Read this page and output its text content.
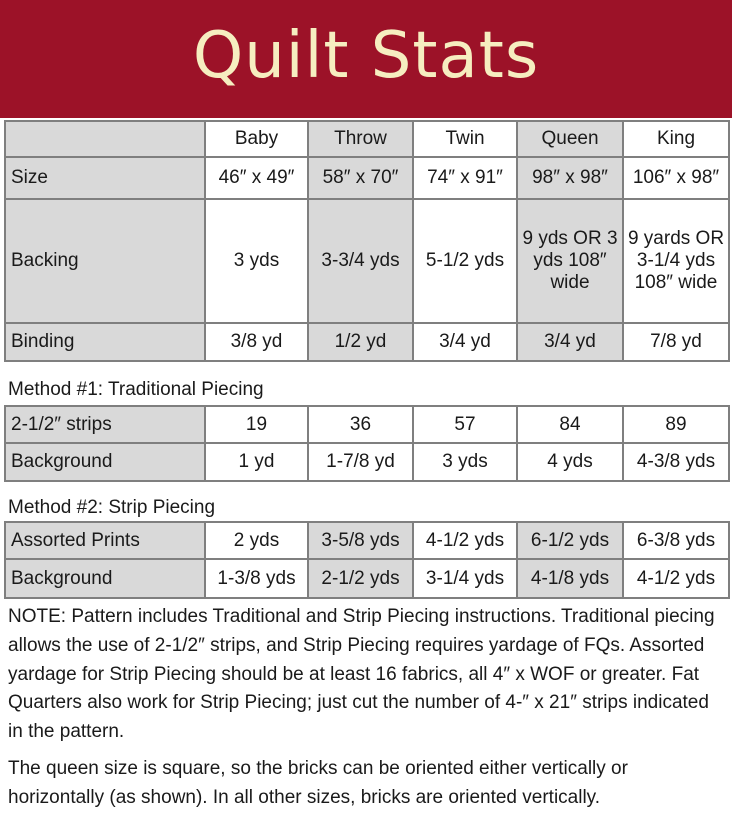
Quilt Stats
	Baby	Throw	Twin	Queen	King
Size	46″ x 49″	58″ x 70″	74″ x 91″	98″ x 98″	106″ x 98″
Backing	3 yds	3-3/4 yds	5-1/2 yds	9 yds OR 3 yds 108″ wide	9 yards OR 3-1/4 yds 108″ wide
Binding	3/8 yd	1/2 yd	3/4 yd	3/4 yd	7/8 yd
Method #1: Traditional Piecing
2-1/2″ strips	19	36	57	84	89
Background	1 yd	1-7/8 yd	3 yds	4 yds	4-3/8 yds
Method #2: Strip Piecing
Assorted Prints	2 yds	3-5/8 yds	4-1/2 yds	6-1/2 yds	6-3/8 yds
Background	1-3/8 yds	2-1/2 yds	3-1/4 yds	4-1/8 yds	4-1/2 yds

NOTE: Pattern includes Traditional and Strip Piecing instructions. Traditional piecing allows the use of 2-1/2″ strips, and Strip Piecing requires yardage of FQs. Assorted yardage for Strip Piecing should be at least 16 fabrics, all 4″ x WOF or greater. Fat Quarters also work for Strip Piecing; just cut the number of 4-″ x 21″ strips indicated in the pattern.

The queen size is square, so the bricks can be oriented either vertically or horizontally (as shown). In all other sizes, bricks are oriented vertically.
